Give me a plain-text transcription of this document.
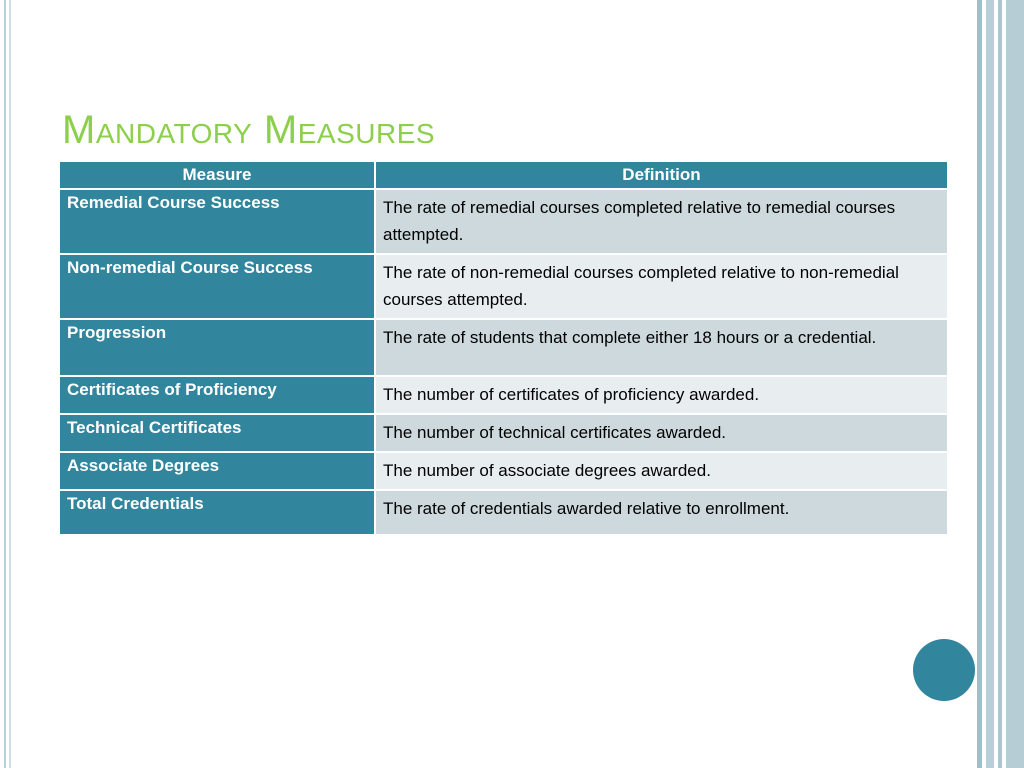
Mandatory Measures
Measure	Definition
Remedial Course Success	The rate of remedial courses completed relative to remedial courses attempted.
Non-remedial Course Success	The rate of non-remedial courses completed relative to non-remedial courses attempted.
Progression	The rate of students that complete either 18 hours or a credential.
Certificates of Proficiency	The number of certificates of proficiency awarded.
Technical Certificates	The number of technical certificates awarded.
Associate Degrees	The number of associate degrees awarded.
Total Credentials	The rate of credentials awarded relative to enrollment.
